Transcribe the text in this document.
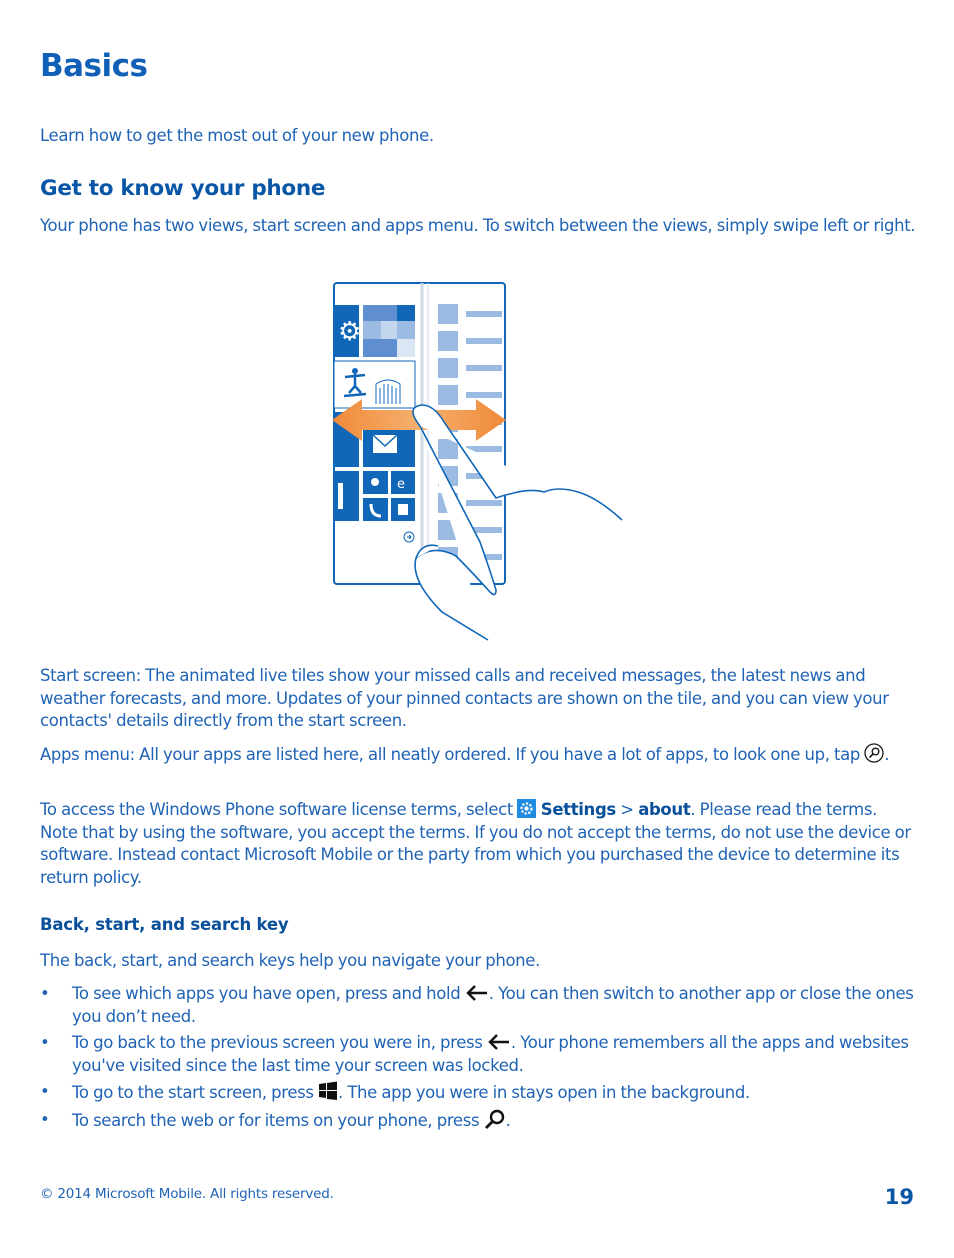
Basics

Learn how to get the most out of your new phone.

Get to know your phone

Your phone has two views, start screen and apps menu. To switch between the views, simply swipe left or right.

⚙
e

Start screen: The animated live tiles show your missed calls and received messages, the latest news and weather forecasts, and more. Updates of your pinned contacts are shown on the tile, and you can view your contacts' details directly from the start screen.

Apps menu: All your apps are listed here, all neatly ordered. If you have a lot of apps, to look one up, tap .

To access the Windows Phone software license terms, select Settings > about. Please read the terms. Note that by using the software, you accept the terms. If you do not accept the terms, do not use the device or software. Instead contact Microsoft Mobile or the party from which you purchased the device to determine its return policy.

Back, start, and search key

The back, start, and search keys help you navigate your phone.

• To see which apps you have open, press and hold . You can then switch to another app or close the ones you don’t need.
• To go back to the previous screen you were in, press . Your phone remembers all the apps and websites you've visited since the last time your screen was locked.
• To go to the start screen, press . The app you were in stays open in the background.
• To search the web or for items on your phone, press .
© 2014 Microsoft Mobile. All rights reserved.	19
